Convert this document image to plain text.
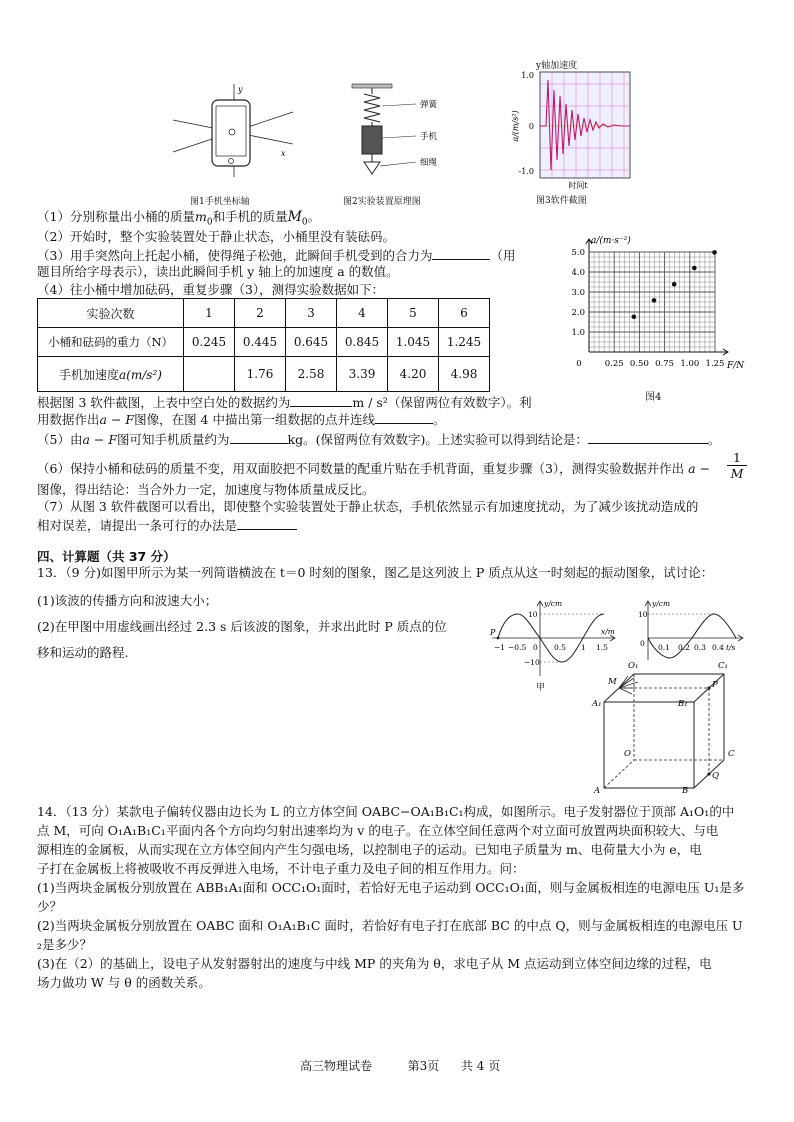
y
x
图1手机坐标轴
弹簧
手机
细绳
图2实验装置原理图
y轴加速度
1.0
0
-1.0
a/(m/s²)
时间t
图3软件截图
0	0.25 0.50 0.75 1.00 1.25
1.0
2.0
3.0
4.0
5.0
a/(m·s⁻²)
F/N
图4
（1）分别称量出小桶的质量$m_0$和手机的质量$M_0$。
（2）开始时，整个实验装置处于静止状态，小桶里没有装砝码。
（3）用手突然向上托起小桶，使得绳子松弛，此瞬间手机受到的合力为	（用
题目所给字母表示），读出此瞬间手机 y 轴上的加速度 a 的数值。
（4）往小桶中增加砝码，重复步骤（3），测得实验数据如下：
实验次数	1	2	3	4	5	6
小桶和砝码的重力（N）	0.245	0.445	0.645	0.845	1.045	1.245
手机加速度a(m/s²)		1.76	2.58	3.39	4.20	4.98
根据图 3 软件截图，上表中空白处的数据约为	m / s²（保留两位有效数字）。利
用数据作出a − F图像，在图 4 中描出第一组数据的点并连线	。
（5）由a − F图可知手机质量约为	kg。(保留两位有效数字)。上述实验可以得到结论是：	。
（6）保持小桶和砝码的质量不变，用双面胶把不同数量的配重片贴在手机背面，重复步骤（3），测得实验数据并作出 $a - \frac{1}{M}$
图像，得出结论：当合外力一定，加速度与物体质量成反比。
（7）从图 3 软件截图可以看出，即使整个实验装置处于静止状态，手机依然显示有加速度扰动，为了减少该扰动造成的
相对误差，请提出一条可行的办法是
四、计算题（共 37 分）
13．（9 分)如图甲所示为某一列简谐横波在 t＝0 时刻的图象，图乙是这列波上 P 质点从这一时刻起的振动图象，试讨论：
(1)该波的传播方向和波速大小；
(2)在甲图中用虚线画出经过 2.3 s 后该波的图象，并求出此时 P 质点的位
移和运动的路程.
P
y/cm
x/m
10
−10
−1 −0.5 0 0.5 1 1.5
甲
y/cm
10
0	t/s
0.1 0.2 0.3 0.4
O₁	C₁
M	P
A₁	B₁
O	C
Q
A	B
14．（13 分）某款电子偏转仪器由边长为 L 的立方体空间 OABC−OA₁B₁C₁构成，如图所示。电子发射器位于顶部 A₁O₁的中
点 M，可向 O₁A₁B₁C₁平面内各个方向均匀射出速率均为 v 的电子。在立体空间任意两个对立面可放置两块面积较大、与电
源相连的金属板，从而实现在立方体空间内产生匀强电场，以控制电子的运动。已知电子质量为 m、电荷量大小为 e，电
子打在金属板上将被吸收不再反弹进入电场，不计电子重力及电子间的相互作用力。问：
(1)当两块金属板分别放置在 ABB₁A₁面和 OCC₁O₁面时，若恰好无电子运动到 OCC₁O₁面，则与金属板相连的电源电压 U₁是多
少？
(2)当两块金属板分别放置在 OABC 面和 O₁A₁B₁C 面时，若恰好有电子打在底部 BC 的中点 Q，则与金属板相连的电源电压 U
₂是多少？
(3)在（2）的基础上，设电子从发射器射出的速度与中线 MP 的夹角为 θ，求电子从 M 点运动到立体空间边缘的过程，电
场力做功 W 与 θ 的函数关系。
高三物理试卷	第3页 共 4 页
